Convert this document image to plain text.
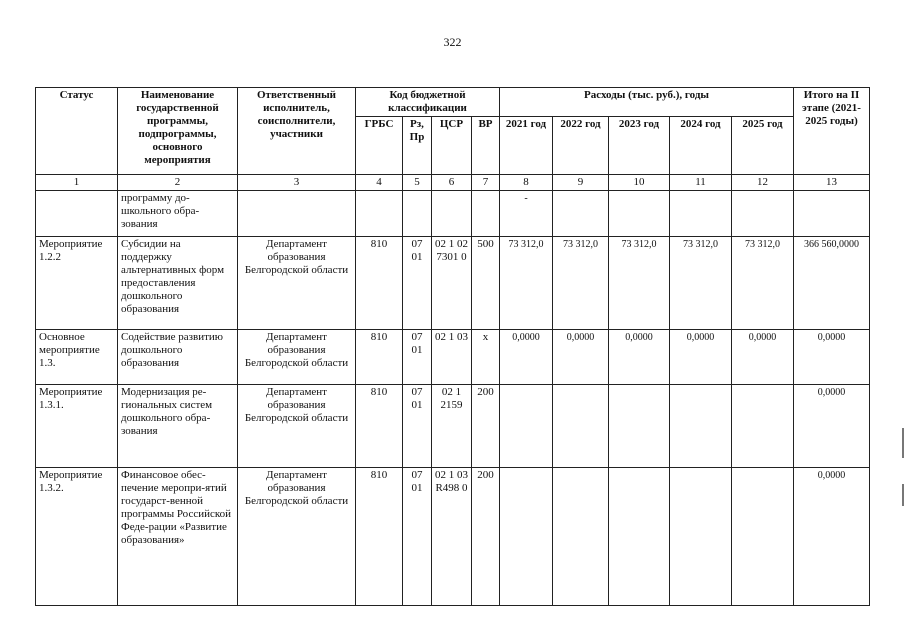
322
Статус	Наименование государственной программы, подпрограммы, основного мероприятия	Ответственный исполнитель, соисполнители, участники	Код бюджетной классификации				Расходы (тыс. руб.), годы					Итого на II этапе (2021-2025 годы)
			ГРБС	Рз, Пр	ЦСР	ВР	2021 год	2022 год	2023 год	2024 год	2025 год	
1	2	3	4	5	6	7	8	9	10	11	12	13
	программу до-школьного обра-зования						-					
Мероприятие 1.2.2	Субсидии на поддержку альтернативных форм предоставления дошкольного образования	Департамент образования Белгородской области	810	07 01	02 1 02 7301 0	500	73 312,0	73 312,0	73 312,0	73 312,0	73 312,0	366 560,0000
Основное мероприятие 1.3.	Содействие развитию дошкольного образования	Департамент образования Белгородской области	810	07 01	02 1 03	х	0,0000	0,0000	0,0000	0,0000	0,0000	0,0000
Мероприятие 1.3.1.	Модернизация ре-гиональных систем дошкольного обра-зования	Департамент образования Белгородской области	810	07 01	02 1 2159	200						0,0000
Мероприятие 1.3.2.	Финансовое обес-печение меропри-ятий государст-венной программы Российской Феде-рации «Развитие образования»	Департамент образования Белгородской области	810	07 01	02 1 03 R498 0	200						0,0000
